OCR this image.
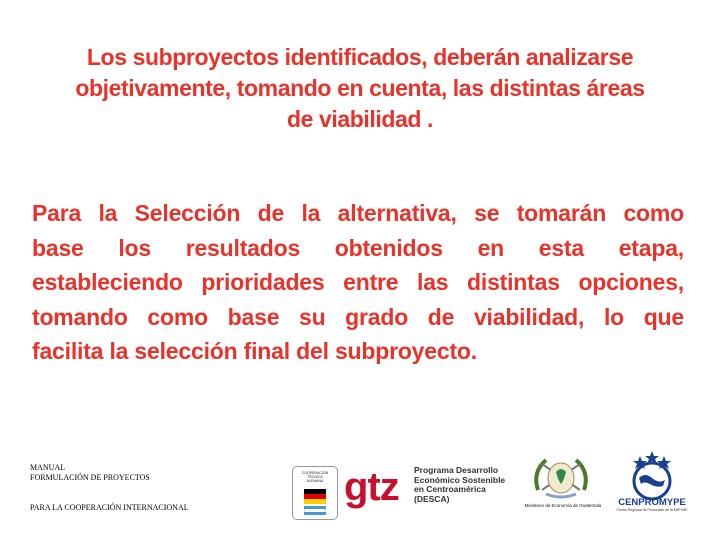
Los subproyectos identificados, deberán analizarse
objetivamente, tomando en cuenta, las distintas áreas
de viabilidad .
Para la Selección de la alternativa, se tomarán como
base los resultados obtenidos en esta etapa,
estableciendo prioridades entre las distintas opciones,
tomando como base su grado de viabilidad, lo que
facilita la selección final del subproyecto.
MANUAL
FORMULACIÓN DE PROYECTOS
PARA LA COOPERACIÓN INTERNACIONAL
COOPERACIÓN
TÉCNICA
ALEMANA gtz Programa Desarrollo
Económico Sostenible
en Centroamérica
(DESCA)
Ministerio de Economía de Guatemala	CENPROMYPE
Centro Regional de Promoción de la MIPYME
